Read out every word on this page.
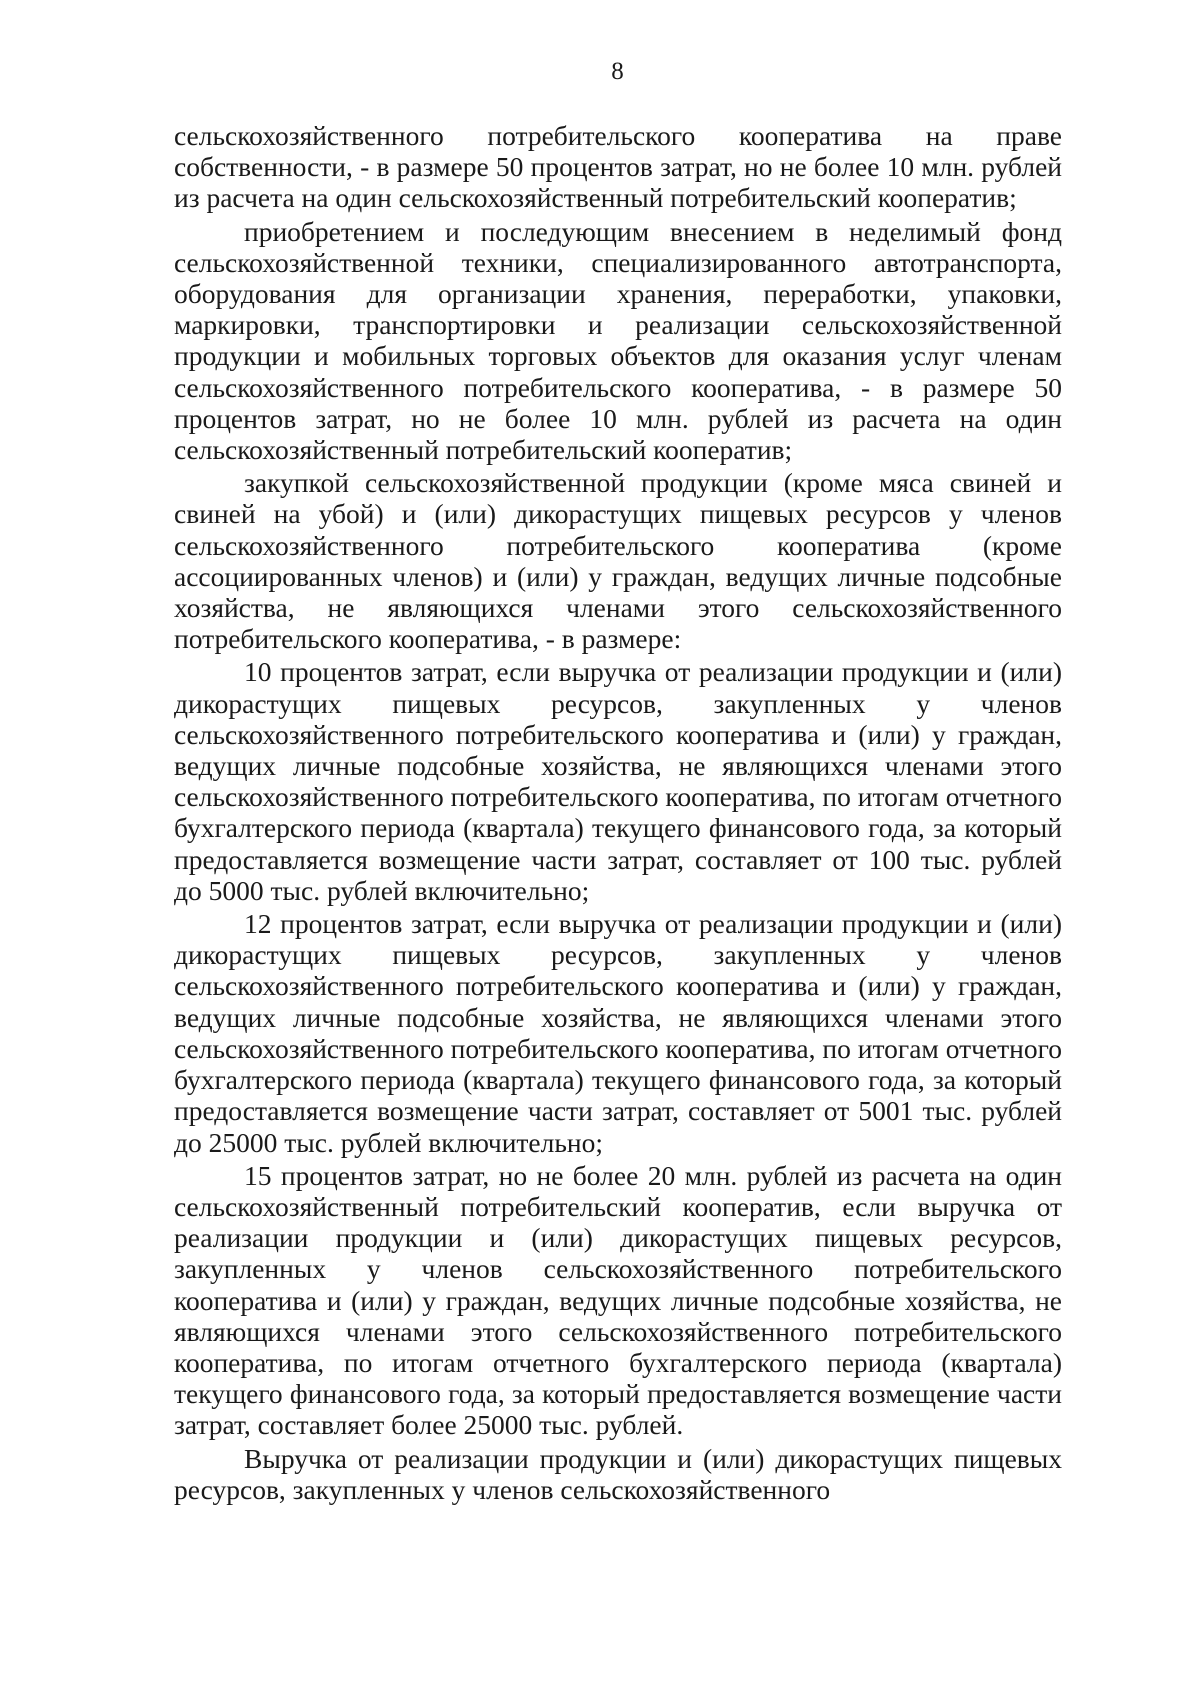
8

сельскохозяйственного потребительского кооператива на праве собственности, - в размере 50 процентов затрат, но не более 10 млн. рублей из расчета на один сельскохозяйственный потребительский кооператив;

приобретением и последующим внесением в неделимый фонд сельскохозяйственной техники, специализированного автотранспорта, оборудования для организации хранения, переработки, упаковки, маркировки, транспортировки и реализации сельскохозяйственной продукции и мобильных торговых объектов для оказания услуг членам сельскохозяйственного потребительского кооператива, - в размере 50 процентов затрат, но не более 10 млн. рублей из расчета на один сельскохозяйственный потребительский кооператив;

закупкой сельскохозяйственной продукции (кроме мяса свиней и свиней на убой) и (или) дикорастущих пищевых ресурсов у членов сельскохозяйственного потребительского кооператива (кроме ассоциированных членов) и (или) у граждан, ведущих личные подсобные хозяйства, не являющихся членами этого сельскохозяйственного потребительского кооператива, - в размере:

10 процентов затрат, если выручка от реализации продукции и (или) дикорастущих пищевых ресурсов, закупленных у членов сельскохозяйственного потребительского кооператива и (или) у граждан, ведущих личные подсобные хозяйства, не являющихся членами этого сельскохозяйственного потребительского кооператива, по итогам отчетного бухгалтерского периода (квартала) текущего финансового года, за который предоставляется возмещение части затрат, составляет от 100 тыс. рублей до 5000 тыс. рублей включительно;

12 процентов затрат, если выручка от реализации продукции и (или) дикорастущих пищевых ресурсов, закупленных у членов сельскохозяйственного потребительского кооператива и (или) у граждан, ведущих личные подсобные хозяйства, не являющихся членами этого сельскохозяйственного потребительского кооператива, по итогам отчетного бухгалтерского периода (квартала) текущего финансового года, за который предоставляется возмещение части затрат, составляет от 5001 тыс. рублей до 25000 тыс. рублей включительно;

15 процентов затрат, но не более 20 млн. рублей из расчета на один сельскохозяйственный потребительский кооператив, если выручка от реализации продукции и (или) дикорастущих пищевых ресурсов, закупленных у членов сельскохозяйственного потребительского кооператива и (или) у граждан, ведущих личные подсобные хозяйства, не являющихся членами этого сельскохозяйственного потребительского кооператива, по итогам отчетного бухгалтерского периода (квартала) текущего финансового года, за который предоставляется возмещение части затрат, составляет более 25000 тыс. рублей.

Выручка от реализации продукции и (или) дикорастущих пищевых ресурсов, закупленных у членов сельскохозяйственного
